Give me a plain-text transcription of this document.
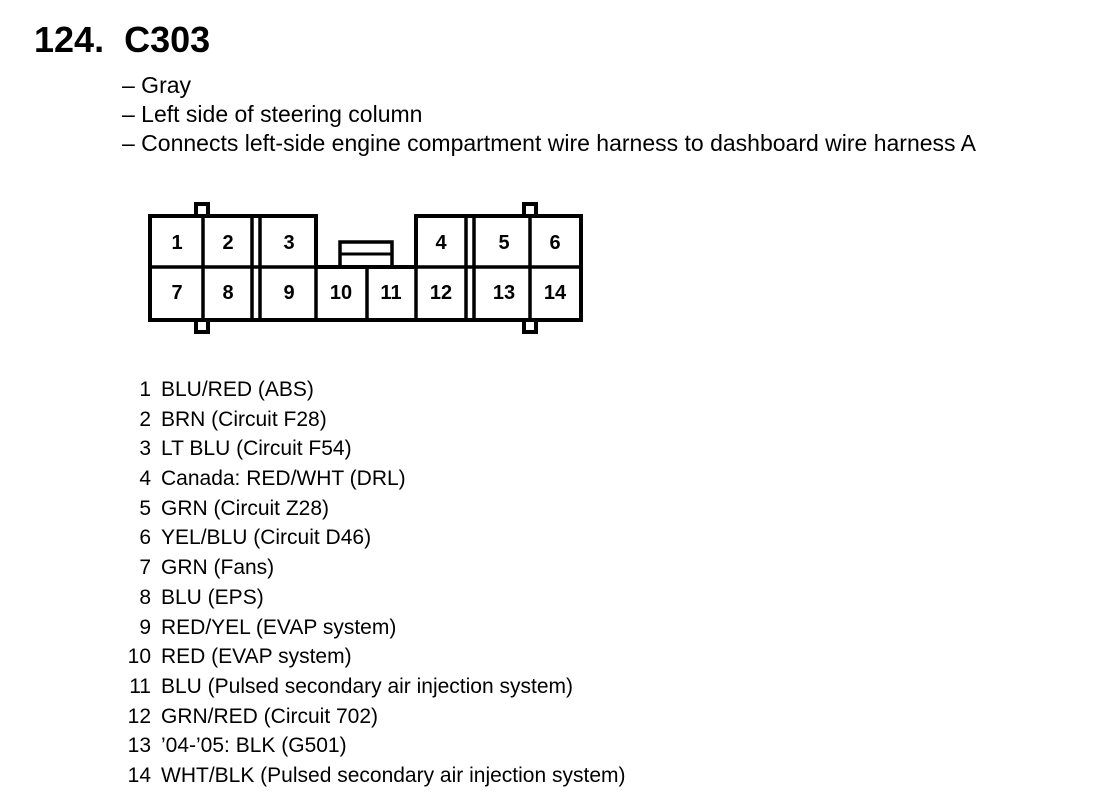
124. C303
– Gray
– Left side of steering column
– Connects left-side engine compartment wire harness to dashboard wire harness A
1 2 3	4	5 6
7 8 9 10 11 12 13 14
1 BLU/RED (ABS)
2 BRN (Circuit F28)
3 LT BLU (Circuit F54)
4 Canada: RED/WHT (DRL)
5 GRN (Circuit Z28)
6 YEL/BLU (Circuit D46)
7 GRN (Fans)
8 BLU (EPS)
9 RED/YEL (EVAP system)
10 RED (EVAP system)
11 BLU (Pulsed secondary air injection system)
12 GRN/RED (Circuit 702)
13 ’04-’05: BLK (G501)
14 WHT/BLK (Pulsed secondary air injection system)
